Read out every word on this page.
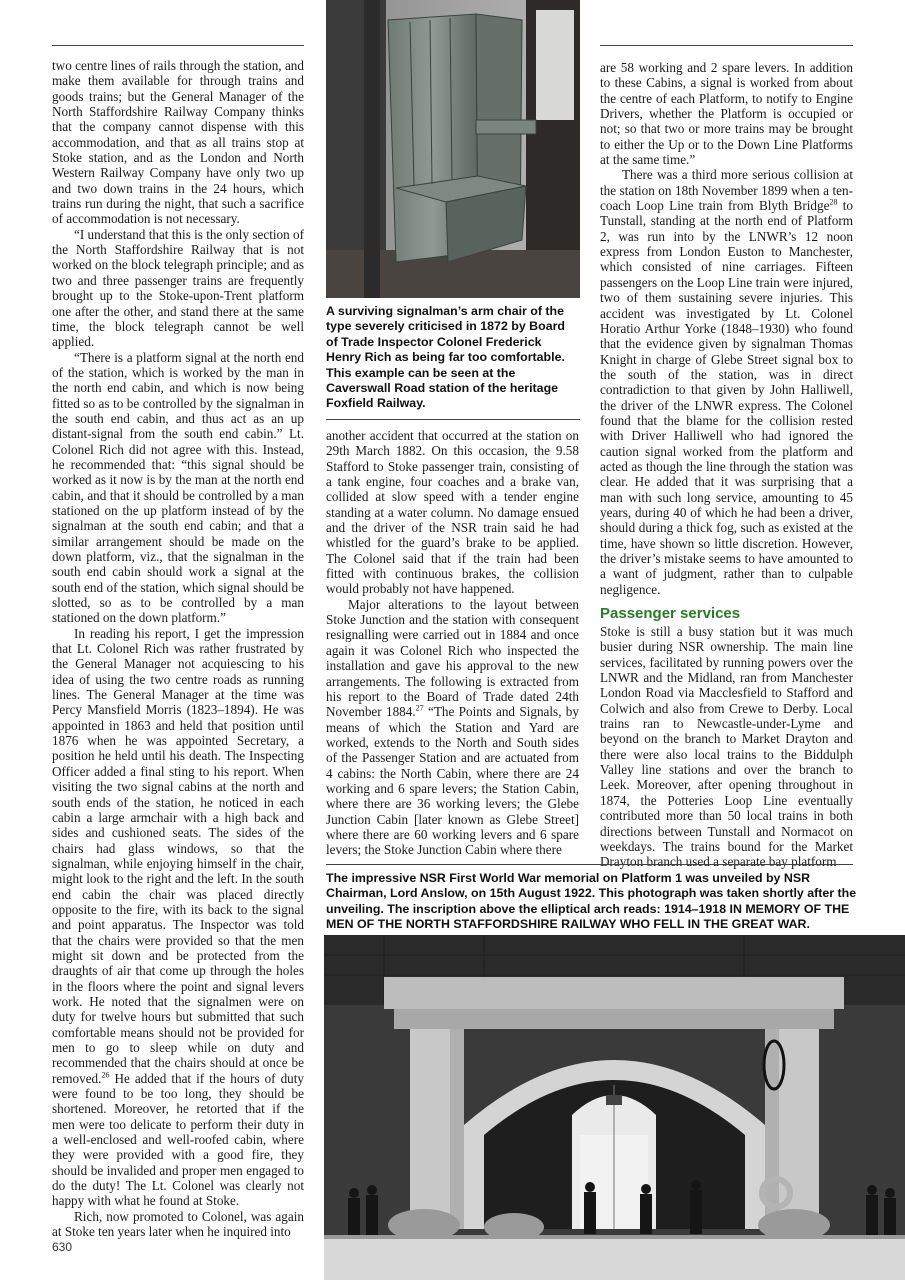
two centre lines of rails through the station, and make them available for through trains and goods trains; but the General Manager of the North Staffordshire Railway Company thinks that the company cannot dispense with this accommodation, and that as all trains stop at Stoke station, and as the London and North Western Railway Company have only two up and two down trains in the 24 hours, which trains run during the night, that such a sacrifice of accommodation is not necessary.

“I understand that this is the only section of the North Staffordshire Railway that is not worked on the block telegraph principle; and as two and three passenger trains are frequently brought up to the Stoke-upon-Trent platform one after the other, and stand there at the same time, the block telegraph cannot be well applied.

“There is a platform signal at the north end of the station, which is worked by the man in the north end cabin, and which is now being fitted so as to be controlled by the signalman in the south end cabin, and thus act as an up distant-signal from the south end cabin.” Lt. Colonel Rich did not agree with this. Instead, he recommended that: “this signal should be worked as it now is by the man at the north end cabin, and that it should be controlled by a man stationed on the up platform instead of by the signalman at the south end cabin; and that a similar arrangement should be made on the down platform, viz., that the signalman in the south end cabin should work a signal at the south end of the station, which signal should be slotted, so as to be controlled by a man stationed on the down platform.”

In reading his report, I get the impression that Lt. Colonel Rich was rather frustrated by the General Manager not acquiescing to his idea of using the two centre roads as running lines. The General Manager at the time was Percy Mansfield Morris (1823–1894). He was appointed in 1863 and held that position until 1876 when he was appointed Secretary, a position he held until his death. The Inspecting Officer added a final sting to his report. When visiting the two signal cabins at the north and south ends of the station, he noticed in each cabin a large armchair with a high back and sides and cushioned seats. The sides of the chairs had glass windows, so that the signalman, while enjoying himself in the chair, might look to the right and the left. In the south end cabin the chair was placed directly opposite to the fire, with its back to the signal and point apparatus. The Inspector was told that the chairs were provided so that the men might sit down and be protected from the draughts of air that come up through the holes in the floors where the point and signal levers work. He noted that the signalmen were on duty for twelve hours but submitted that such comfortable means should not be provided for men to go to sleep while on duty and recommended that the chairs should at once be removed.$^{26}$ He added that if the hours of duty were found to be too long, they should be shortened. Moreover, he retorted that if the men were too delicate to perform their duty in a well-enclosed and well-roofed cabin, where they were provided with a good fire, they should be invalided and proper men engaged to do the duty! The Lt. Colonel was clearly not happy with what he found at Stoke.

Rich, now promoted to Colonel, was again at Stoke ten years later when he inquired into

A surviving signalman’s arm chair of the type severely criticised in 1872 by Board of Trade Inspector Colonel Frederick Henry Rich as being far too comfortable. This example can be seen at the Caverswall Road station of the heritage Foxfield Railway.

another accident that occurred at the station on 29th March 1882. On this occasion, the 9.58 Stafford to Stoke passenger train, consisting of a tank engine, four coaches and a brake van, collided at slow speed with a tender engine standing at a water column. No damage ensued and the driver of the NSR train said he had whistled for the guard’s brake to be applied. The Colonel said that if the train had been fitted with continuous brakes, the collision would probably not have happened.

Major alterations to the layout between Stoke Junction and the station with consequent resignalling were carried out in 1884 and once again it was Colonel Rich who inspected the installation and gave his approval to the new arrangements. The following is extracted from his report to the Board of Trade dated 24th November 1884.27 “The Points and Signals, by means of which the Station and Yard are worked, extends to the North and South sides of the Passenger Station and are actuated from 4 cabins: the North Cabin, where there are 24 working and 6 spare levers; the Station Cabin, where there are 36 working levers; the Glebe Junction Cabin [later known as Glebe Street] where there are 60 working levers and 6 spare levers; the Stoke Junction Cabin where there

are 58 working and 2 spare levers. In addition to these Cabins, a signal is worked from about the centre of each Platform, to notify to Engine Drivers, whether the Platform is occupied or not; so that two or more trains may be brought to either the Up or to the Down Line Platforms at the same time.”

There was a third more serious collision at the station on 18th November 1899 when a ten-coach Loop Line train from Blyth Bridge$^{28}$ to Tunstall, standing at the north end of Platform 2, was run into by the LNWR’s 12 noon express from London Euston to Manchester, which consisted of nine carriages. Fifteen passengers on the Loop Line train were injured, two of them sustaining severe injuries. This accident was investigated by Lt. Colonel Horatio Arthur Yorke (1848–1930) who found that the evidence given by signalman Thomas Knight in charge of Glebe Street signal box to the south of the station, was in direct contradiction to that given by John Halliwell, the driver of the LNWR express. The Colonel found that the blame for the collision rested with Driver Halliwell who had ignored the caution signal worked from the platform and acted as though the line through the station was clear. He added that it was surprising that a man with such long service, amounting to 45 years, during 40 of which he had been a driver, should during a thick fog, such as existed at the time, have shown so little discretion. However, the driver’s mistake seems to have amounted to a want of judgment, rather than to culpable negligence.

Passenger services

Stoke is still a busy station but it was much busier during NSR ownership. The main line services, facilitated by running powers over the LNWR and the Midland, ran from Manchester London Road via Macclesfield to Stafford and Colwich and also from Crewe to Derby. Local trains ran to Newcastle-under-Lyme and beyond on the branch to Market Drayton and there were also local trains to the Biddulph Valley line stations and over the branch to Leek. Moreover, after opening throughout in 1874, the Potteries Loop Line eventually contributed more than 50 local trains in both directions between Tunstall and Normacot on weekdays. The trains bound for the Market Drayton branch used a separate bay platform

The impressive NSR First World War memorial on Platform 1 was unveiled by NSR Chairman, Lord Anslow, on 15th August 1922. This photograph was taken shortly after the unveiling. The inscription above the elliptical arch reads: 1914–1918 IN MEMORY OF THE MEN OF THE NORTH STAFFORDSHIRE RAILWAY WHO FELL IN THE GREAT WAR.
630
